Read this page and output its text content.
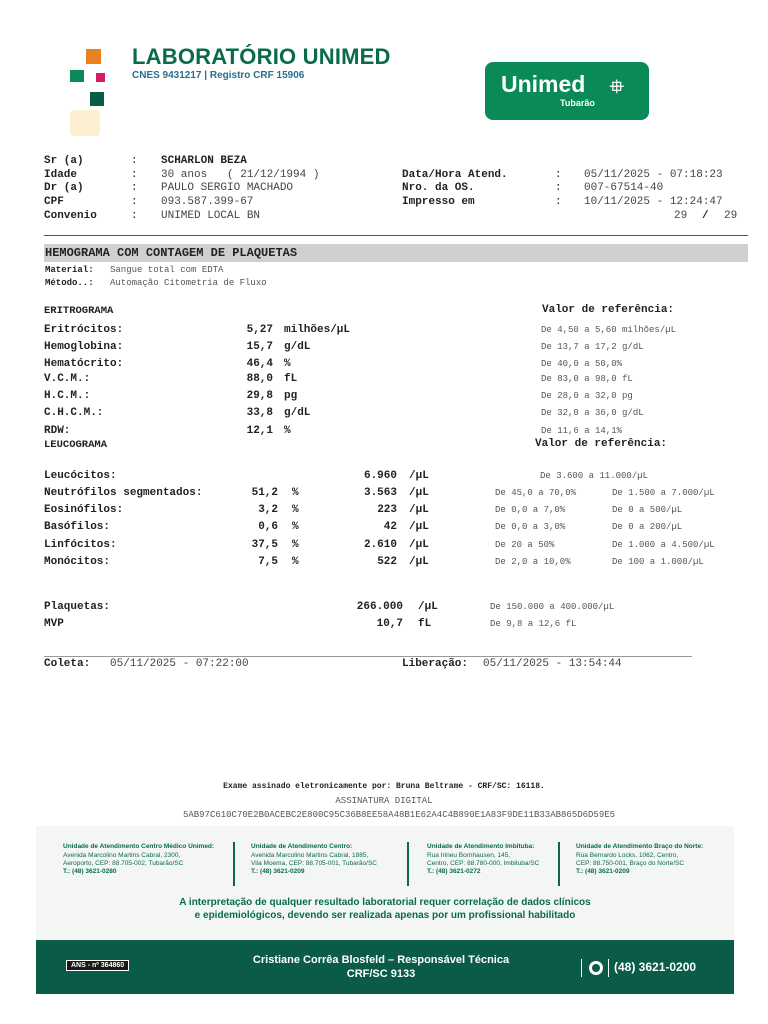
LABORATÓRIO UNIMED
CNES 9431217 | Registro CRF 15906	Unimed ⯐
Tubarão
Sr (a)	: SCHARLON BEZA
Idade	: 30 anos   ( 21/12/1994 )
Dr (a)	: PAULO SERGIO MACHADO
CPF	: 093.587.399-67
Convenio	: UNIMED LOCAL BN
Data/Hora Atend.	: 05/11/2025 - 07:18:23
Nro. da OS.	: 007-67514-40
Impresso em	: 10/11/2025 - 12:24:47
29 / 29
HEMOGRAMA COM CONTAGEM DE PLAQUETAS
Material: Sangue total com EDTA
Método..: Automação Citometria de Fluxo
ERITROGRAMA	Valor de referência:
Eritrócitos:	5,27 milhões/µL	De 4,50 a 5,60 milhões/µL
Hemoglobina:	15,7 g/dL	De 13,7 a 17,2 g/dL
Hematócrito:	46,4 %	De 40,0 a 50,0%
V.C.M.:	88,0 fL	De 83,0 a 98,0 fL
H.C.M.:	29,8 pg	De 28,0 a 32,0 pg
C.H.C.M.:	33,8 g/dL	De 32,0 a 36,0 g/dL
RDW:	12,1 %	De 11,6 a 14,1%
LEUCOGRAMA	Valor de referência:
Leucócitos:	6.960 /µL	De 3.600 a 11.000/µL
Neutrófilos segmentados:	51,2 %	3.563 /µL	De 45,0 a 70,0%	De 1.500 a 7.000/µL
Eosinófilos:	3,2 %	223 /µL	De 0,0 a 7,0%	De 0 a 500/µL
Basófilos:	0,6 %	42 /µL	De 0,0 a 3,0%	De 0 a 200/µL
Linfócitos:	37,5 %	2.610 /µL	De 20 a 50%	De 1.000 a 4.500/µL
Monócitos:	7,5 %	522 /µL	De 2,0 a 10,0%	De 100 a 1.000/µL
Plaquetas:	266.000 /µL	De 150.000 a 400.000/µL
MVP	10,7 fL	De 9,8 a 12,6 fL
Coleta: 05/11/2025 - 07:22:00	Liberação: 05/11/2025 - 13:54:44
Exame assinado eletronicamente por: Bruna Beltrame - CRF/SC: 16118.
ASSINATURA DIGITAL
5AB97C610C70E2B0ACEBC2E800C95C36B8EE58A48B1E62A4C4B890E1A83F9DE11B33AB865D6D59E5
Unidade de Atendimento Centro Médico Unimed:
Avenida Marcolino Martins Cabral, 2300,
Aeroporto, CEP: 88.705-002, Tubarão/SC
T.: (48) 3621-0280
Unidade de Atendimento Centro:
Avenida Marcolino Martins Cabral, 1885,
Vila Moema, CEP: 88.705-001, Tubarão/SC
T.: (48) 3621-0209
Unidade de Atendimento Imbituba:
Rua Irineu Bornhausen, 145,
Centro, CEP: 88.780-000, Imbituba/SC
T.: (48) 3621-0272
Unidade de Atendimento Braço do Norte:
Rua Bernardo Locks, 1062, Centro,
CEP: 88.750-001, Braço do Norte/SC
T.: (48) 3621-0209
A interpretação de qualquer resultado laboratorial requer correlação de dados clínicos
e epidemiológicos, devendo ser realizada apenas por um profissional habilitado
ANS - nº 364860	Cristiane Corrêa Blosfeld – Responsável Técnica
CRF/SC 9133	(48) 3621-0200
